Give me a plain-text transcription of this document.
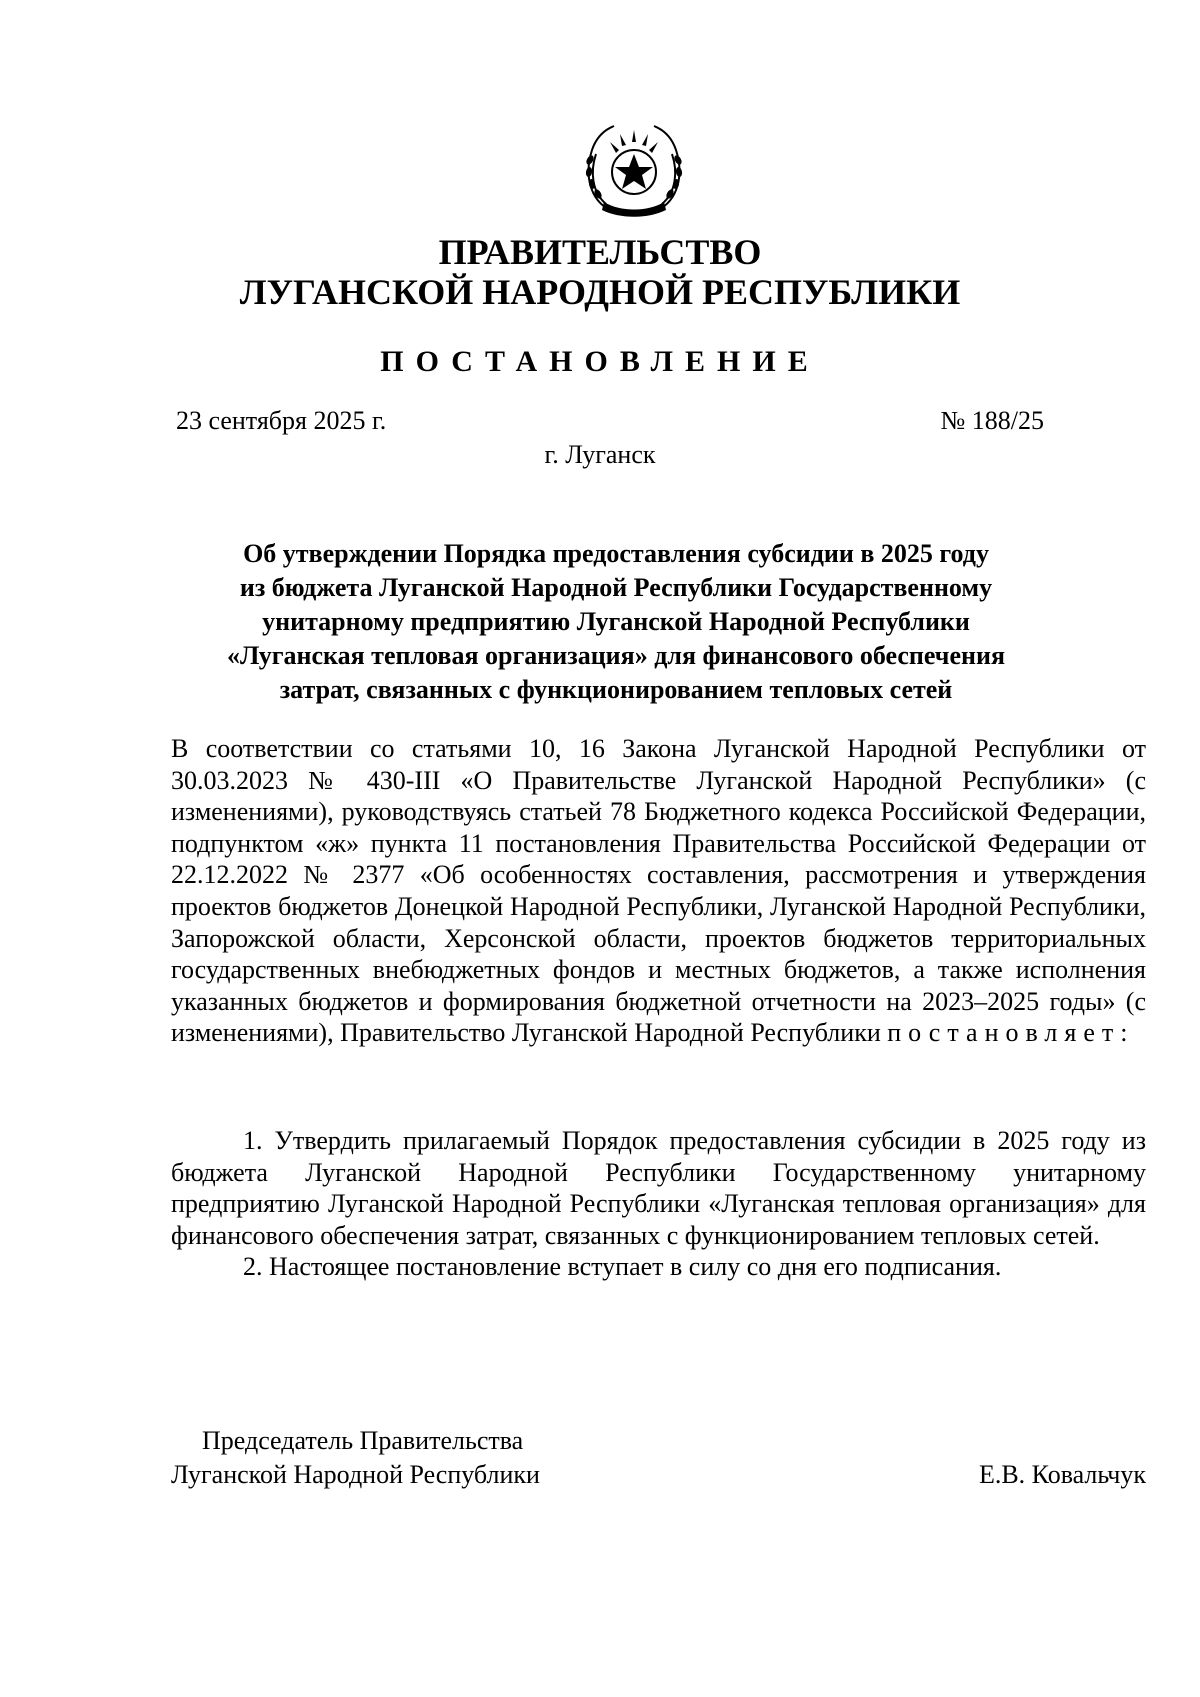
ПРАВИТЕЛЬСТВО
ЛУГАНСКОЙ НАРОДНОЙ РЕСПУБЛИКИ
ПОСТАНОВЛЕНИЕ
23 сентября 2025 г.	№ 188/25
г. Луганск
Об утверждении Порядка предоставления субсидии в 2025 году
из бюджета Луганской Народной Республики Государственному
унитарному предприятию Луганской Народной Республики
«Луганская тепловая организация» для финансового обеспечения
затрат, связанных с функционированием тепловых сетей
В соответствии со статьями 10, 16 Закона Луганской Народной Республики от 30.03.2023 № 430-III «О Правительстве Луганской Народной Республики» (с изменениями), руководствуясь статьей 78 Бюджетного кодекса Российской Федерации, подпунктом «ж» пункта 11 постановления Правительства Российской Федерации от 22.12.2022 № 2377 «Об особенностях составления, рассмотрения и утверждения проектов бюджетов Донецкой Народной Республики, Луганской Народной Республики, Запорожской области, Херсонской области, проектов бюджетов территориальных государственных внебюджетных фондов и местных бюджетов, а также исполнения указанных бюджетов и формирования бюджетной отчетности на 2023–2025 годы» (с изменениями), Правительство Луганской Народной Республики постановляет:

1. Утвердить прилагаемый Порядок предоставления субсидии в 2025 году из бюджета Луганской Народной Республики Государственному унитарному предприятию Луганской Народной Республики «Луганская тепловая организация» для финансового обеспечения затрат, связанных с функционированием тепловых сетей.

2. Настоящее постановление вступает в силу со дня его подписания.

Председатель Правительства
Луганской Народной Республики	Е.В. Ковальчук
